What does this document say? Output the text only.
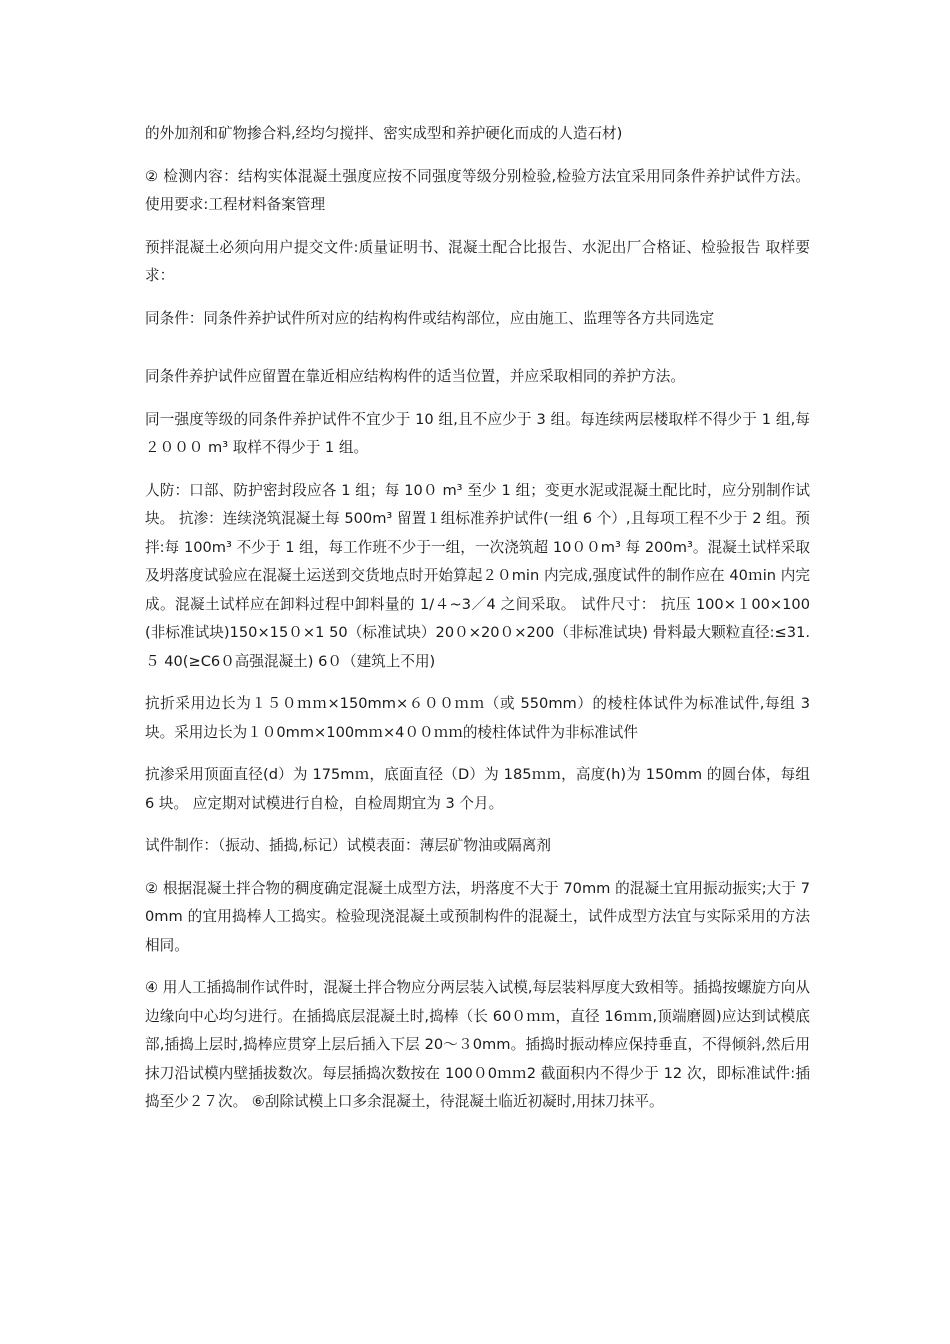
的外加剂和矿物掺合料,经均匀搅拌、密实成型和养护硬化而成的人造石材)

② 检测内容：结构实体混凝土强度应按不同强度等级分别检验,检验方法宜采用同条件养护试件方法。 使用要求:工程材料备案管理

预拌混凝土必须向用户提交文件:质量证明书、混凝土配合比报告、水泥出厂合格证、检验报告 取样要求：

同条件：同条件养护试件所对应的结构构件或结构部位，应由施工、监理等各方共同选定

同条件养护试件应留置在靠近相应结构构件的适当位置，并应采取相同的养护方法。

同一强度等级的同条件养护试件不宜少于 10 组,且不应少于 3 组。每连续两层楼取样不得少于 1 组,每２０００ m³ 取样不得少于 1 组。

人防：口部、防护密封段应各 1 组；每 10０ m³ 至少 1 组；变更水泥或混凝土配比时，应分别制作试块。 抗渗：连续浇筑混凝土每 500m³ 留置１组标准养护试件(一组 6 个）,且每项工程不少于 2 组。预拌:每 100m³ 不少于 1 组，每工作班不少于一组，一次浇筑超 10００m³ 每 200m³。混凝土试样采取及坍落度试验应在混凝土运送到交货地点时开始算起２０min 内完成,强度试件的制作应在 40ｍin 内完成。混凝土试样应在卸料过程中卸料量的 1/４~3／4 之间采取。 试件尺寸： 抗压 100×１00×100(非标准试块)150×15０×1 50（标准试块）20０×20０×200（非标准试块) 骨料最大颗粒直径:≤31.５ 40(≥C6０高强混凝土) 6０（建筑上不用)

抗折采用边长为１５０ｍｍ×150mm×６００ｍｍ（或 550mm）的棱柱体试件为标准试件,每组 3 块。采用边长为１０0mm×100mｍ×4００ｍｍ的棱柱体试件为非标准试件

抗渗采用顶面直径(d）为 175mｍ，底面直径（D）为 185ｍｍ，高度(h)为 150mm 的圆台体，每组 6 块。 应定期对试模进行自检，自检周期宜为 3 个月。

试件制作：（振动、插捣,标记）试模表面：薄层矿物油或隔离剂

② 根据混凝土拌合物的稠度确定混凝土成型方法，坍落度不大于 70mm 的混凝土宜用振动振实;大于 70mm 的宜用捣棒人工捣实。检验现浇混凝土或预制构件的混凝土，试件成型方法宜与实际采用的方法相同。

④ 用人工插捣制作试件时，混凝土拌合物应分两层装入试模,每层装料厚度大致相等。插捣按螺旋方向从边缘向中心均匀进行。在插捣底层混凝土时,捣棒（长 60０ｍｍ，直径 16ｍｍ,顶端磨圆)应达到试模底部,插捣上层时,捣棒应贯穿上层后插入下层 20～３0mm。插捣时振动棒应保持垂直，不得倾斜,然后用抹刀沿试模内壁插拔数次。每层插捣次数按在 100０0ｍｍ2 截面积内不得少于 12 次，即标准试件:插捣至少２７次。 ⑥刮除试模上口多余混凝土，待混凝土临近初凝时,用抹刀抹平。
